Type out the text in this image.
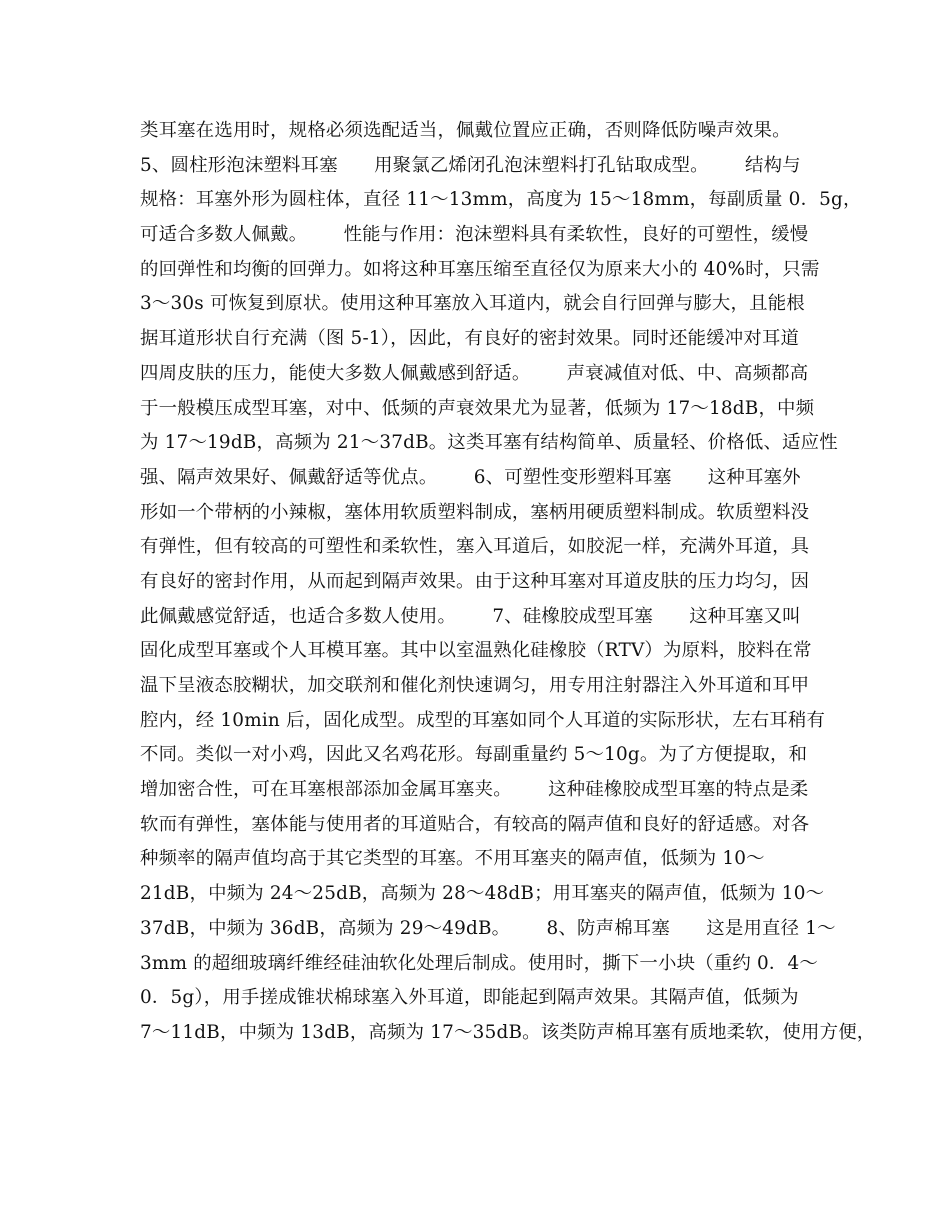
类耳塞在选用时，规格必须选配适当，佩戴位置应正确，否则降低防噪声效果。
5、圆柱形泡沫塑料耳塞      用聚氯乙烯闭孔泡沫塑料打孔钻取成型。      结构与
规格：耳塞外形为圆柱体，直径 11～13mm，高度为 15～18mm，每副质量 0．5g，
可适合多数人佩戴。      性能与作用：泡沫塑料具有柔软性，良好的可塑性，缓慢
的回弹性和均衡的回弹力。如将这种耳塞压缩至直径仅为原来大小的 40%时，只需
3～30s 可恢复到原状。使用这种耳塞放入耳道内，就会自行回弹与膨大，且能根
据耳道形状自行充满（图 5-1），因此，有良好的密封效果。同时还能缓冲对耳道
四周皮肤的压力，能使大多数人佩戴感到舒适。      声衰减值对低、中、高频都高
于一般模压成型耳塞，对中、低频的声衰效果尤为显著，低频为 17～18dB，中频
为 17～19dB，高频为 21～37dB。这类耳塞有结构简单、质量轻、价格低、适应性
强、隔声效果好、佩戴舒适等优点。      6、可塑性变形塑料耳塞      这种耳塞外
形如一个带柄的小辣椒，塞体用软质塑料制成，塞柄用硬质塑料制成。软质塑料没
有弹性，但有较高的可塑性和柔软性，塞入耳道后，如胶泥一样，充满外耳道，具
有良好的密封作用，从而起到隔声效果。由于这种耳塞对耳道皮肤的压力均匀，因
此佩戴感觉舒适，也适合多数人使用。      7、硅橡胶成型耳塞      这种耳塞又叫
固化成型耳塞或个人耳模耳塞。其中以室温熟化硅橡胶（RTV）为原料，胶料在常
温下呈液态胶糊状，加交联剂和催化剂快速调匀，用专用注射器注入外耳道和耳甲
腔内，经 10min 后，固化成型。成型的耳塞如同个人耳道的实际形状，左右耳稍有
不同。类似一对小鸡，因此又名鸡花形。每副重量约 5～10g。为了方便提取，和
增加密合性，可在耳塞根部添加金属耳塞夹。      这种硅橡胶成型耳塞的特点是柔
软而有弹性，塞体能与使用者的耳道贴合，有较高的隔声值和良好的舒适感。对各
种频率的隔声值均高于其它类型的耳塞。不用耳塞夹的隔声值，低频为 10～
21dB，中频为 24～25dB，高频为 28～48dB；用耳塞夹的隔声值，低频为 10～
37dB，中频为 36dB，高频为 29～49dB。      8、防声棉耳塞      这是用直径 1～
3mm 的超细玻璃纤维经硅油软化处理后制成。使用时，撕下一小块（重约 0．4～
0．5g），用手搓成锥状棉球塞入外耳道，即能起到隔声效果。其隔声值，低频为
7～11dB，中频为 13dB，高频为 17～35dB。该类防声棉耳塞有质地柔软，使用方便，
